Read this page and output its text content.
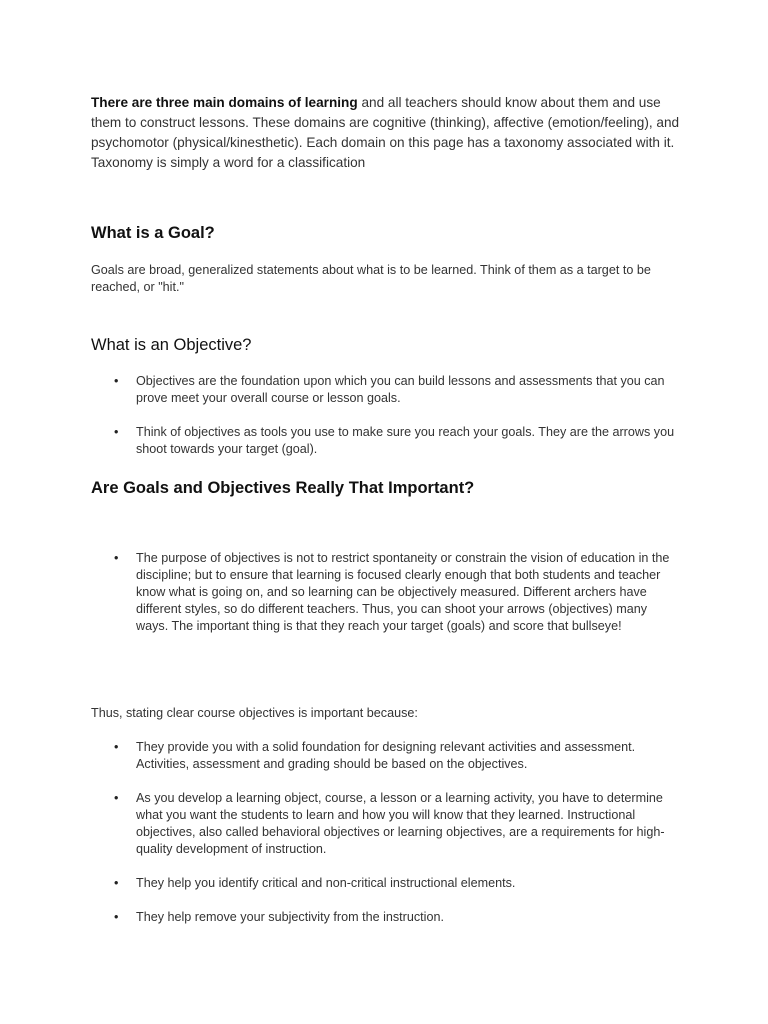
There are three main domains of learning and all teachers should know about them and use them to construct lessons. These domains are cognitive (thinking), affective (emotion/feeling), and psychomotor (physical/kinesthetic). Each domain on this page has a taxonomy associated with it. Taxonomy is simply a word for a classification

What is a Goal?

Goals are broad, generalized statements about what is to be learned. Think of them as a target to be reached, or "hit."

What is an Objective?
• Objectives are the foundation upon which you can build lessons and assessments that you can prove meet your overall course or lesson goals.
• Think of objectives as tools you use to make sure you reach your goals. They are the arrows you shoot towards your target (goal).
Are Goals and Objectives Really That Important?
• The purpose of objectives is not to restrict spontaneity or constrain the vision of education in the discipline; but to ensure that learning is focused clearly enough that both students and teacher know what is going on, and so learning can be objectively measured. Different archers have different styles, so do different teachers. Thus, you can shoot your arrows (objectives) many ways. The important thing is that they reach your target (goals) and score that bullseye!

Thus, stating clear course objectives is important because:

• They provide you with a solid foundation for designing relevant activities and assessment. Activities, assessment and grading should be based on the objectives.
• As you develop a learning object, course, a lesson or a learning activity, you have to determine what you want the students to learn and how you will know that they learned. Instructional objectives, also called behavioral objectives or learning objectives, are a requirements for high-quality development of instruction.
• They help you identify critical and non-critical instructional elements.
• They help remove your subjectivity from the instruction.
